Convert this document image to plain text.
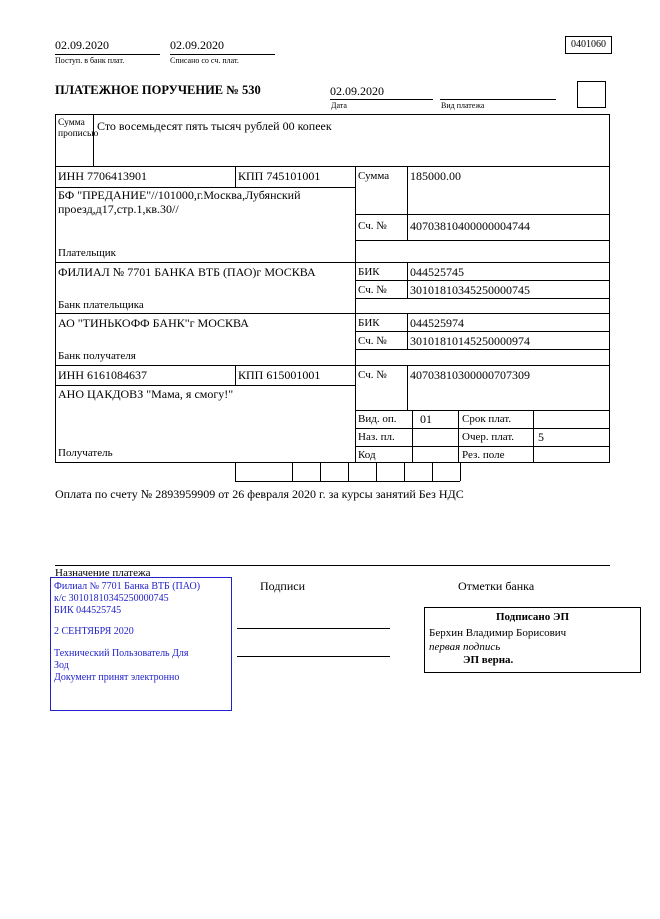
02.09.2020
Поступ. в банк плат.
02.09.2020
Списано со сч. плат.
0401060
ПЛАТЕЖНОЕ ПОРУЧЕНИЕ № 530	02.09.2020
Дата	Вид платежа
Сумма прописью
Сто восемьдесят пять тысяч рублей 00 копеек
ИНН 7706413901	КПП 745101001	Сумма 185000.00
БФ "ПРЕДАНИЕ"//101000,г.Москва,Лубянский проезд,д17,стр.1,кв.30//
Сч. № 40703810400000004744
Плательщик
ФИЛИАЛ № 7701 БАНКА ВТБ (ПАО)г МОСКВА	БИК	044525745
Сч. № 30101810345250000745
Банк плательщика
АО "ТИНЬКОФФ БАНК"г МОСКВА	БИК	044525974
Сч. № 30101810145250000974
Банк получателя
ИНН 6161084637	КПП 615001001	Сч. № 40703810300000707309
АНО ЦАКДОВЗ "Мама, я смогу!"
Получатель
Вид. оп. 01	Срок плат.
Наз. пл.	Очер. плат. 5
Код	Рез. поле
Оплата по счету № 2893959909 от 26 февраля 2020 г. за курсы занятий Без НДС
Назначение платежа
Подписи	Отметки банка
Филиал № 7701 Банка ВТБ (ПАО)
к/с 30101810345250000745
БИК 044525745
2 СЕНТЯБРЯ 2020
Технический Пользователь Для
Зод
Документ принят электронно
Подписано ЭП
Берхин Владимир Борисович
первая подпись
ЭП верна.
